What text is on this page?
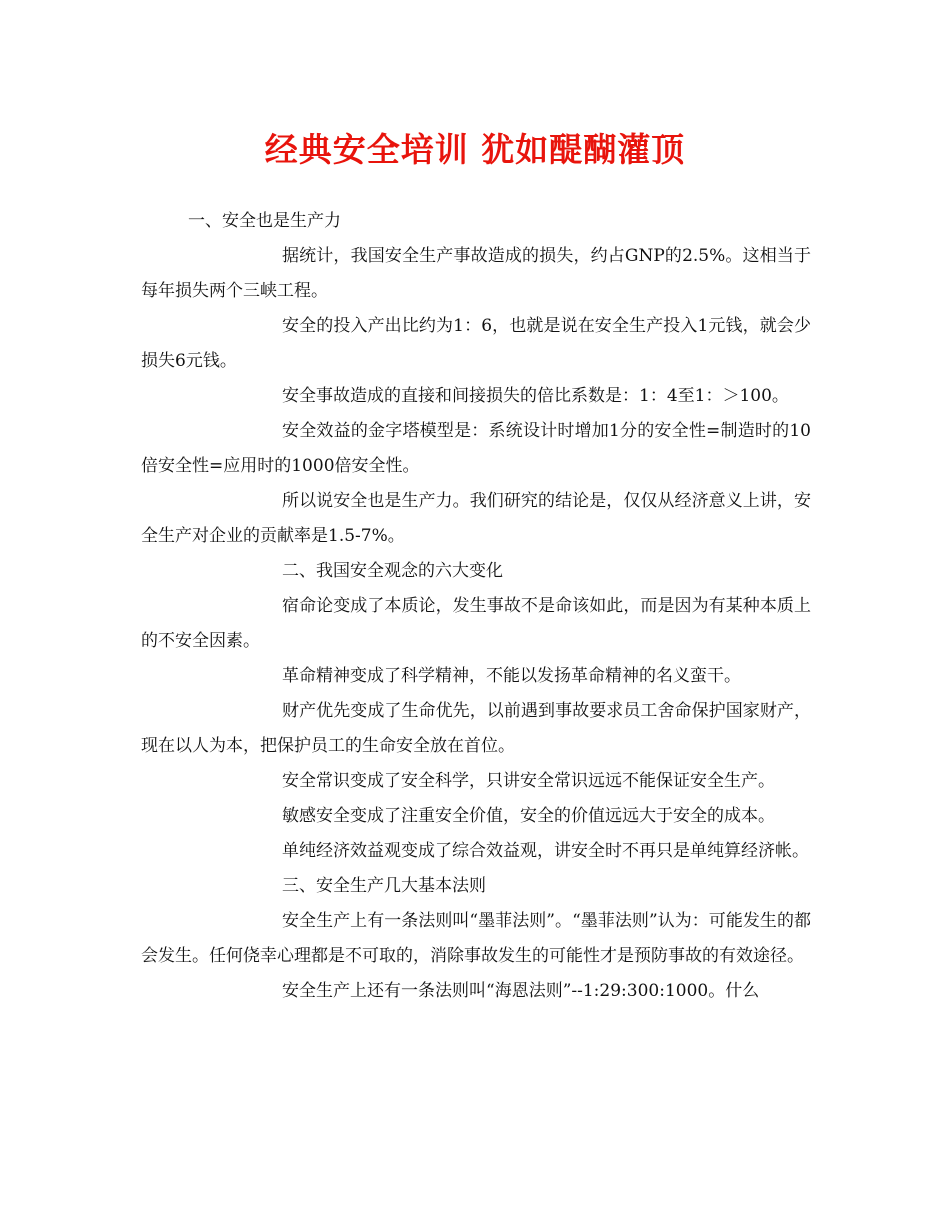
经典安全培训 犹如醍醐灌顶

一、安全也是生产力

据统计，我国安全生产事故造成的损失，约占GNP的2.5%。这相当于每年损失两个三峡工程。

安全的投入产出比约为1：6，也就是说在安全生产投入1元钱，就会少损失6元钱。

安全事故造成的直接和间接损失的倍比系数是：1：4至1：＞100。

安全效益的金字塔模型是：系统设计时增加1分的安全性=制造时的10倍安全性=应用时的1000倍安全性。

所以说安全也是生产力。我们研究的结论是，仅仅从经济意义上讲，安全生产对企业的贡献率是1.5-7%。

二、我国安全观念的六大变化

宿命论变成了本质论，发生事故不是命该如此，而是因为有某种本质上的不安全因素。

革命精神变成了科学精神，不能以发扬革命精神的名义蛮干。

财产优先变成了生命优先，以前遇到事故要求员工舍命保护国家财产，现在以人为本，把保护员工的生命安全放在首位。

安全常识变成了安全科学，只讲安全常识远远不能保证安全生产。

敏感安全变成了注重安全价值，安全的价值远远大于安全的成本。

单纯经济效益观变成了综合效益观，讲安全时不再只是单纯算经济帐。

三、安全生产几大基本法则

安全生产上有一条法则叫“墨菲法则”。“墨菲法则”认为：可能发生的都会发生。任何侥幸心理都是不可取的，消除事故发生的可能性才是预防事故的有效途径。

安全生产上还有一条法则叫“海恩法则”--1:29:300:1000。什么
